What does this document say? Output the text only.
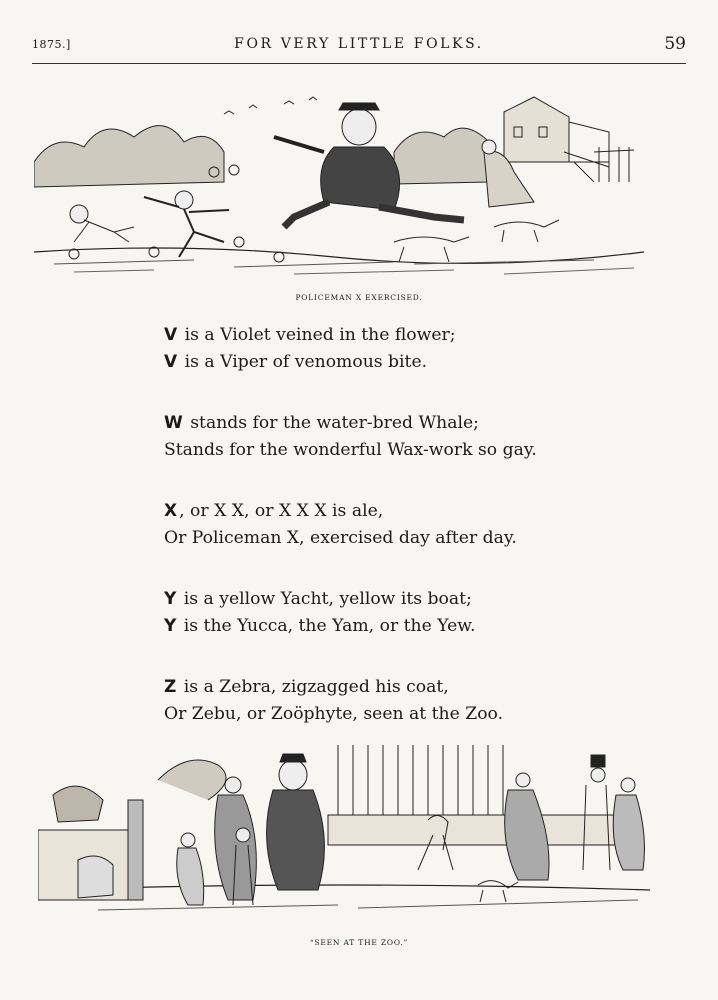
1875.]	FOR VERY LITTLE FOLKS.	59
POLICEMAN X EXERCISED.
V is a Violet veined in the flower;
V is a Viper of venomous bite.
W stands for the water-bred Whale;
Stands for the wonderful Wax-work so gay.
X , or X X, or X X X is ale,
Or Policeman X, exercised day after day.
Y is a yellow Yacht, yellow its boat;
Y is the Yucca, the Yam, or the Yew.
Z is a Zebra, zigzagged his coat,
Or Zebu, or Zoöphyte, seen at the Zoo.
“SEEN AT THE ZOO.”
